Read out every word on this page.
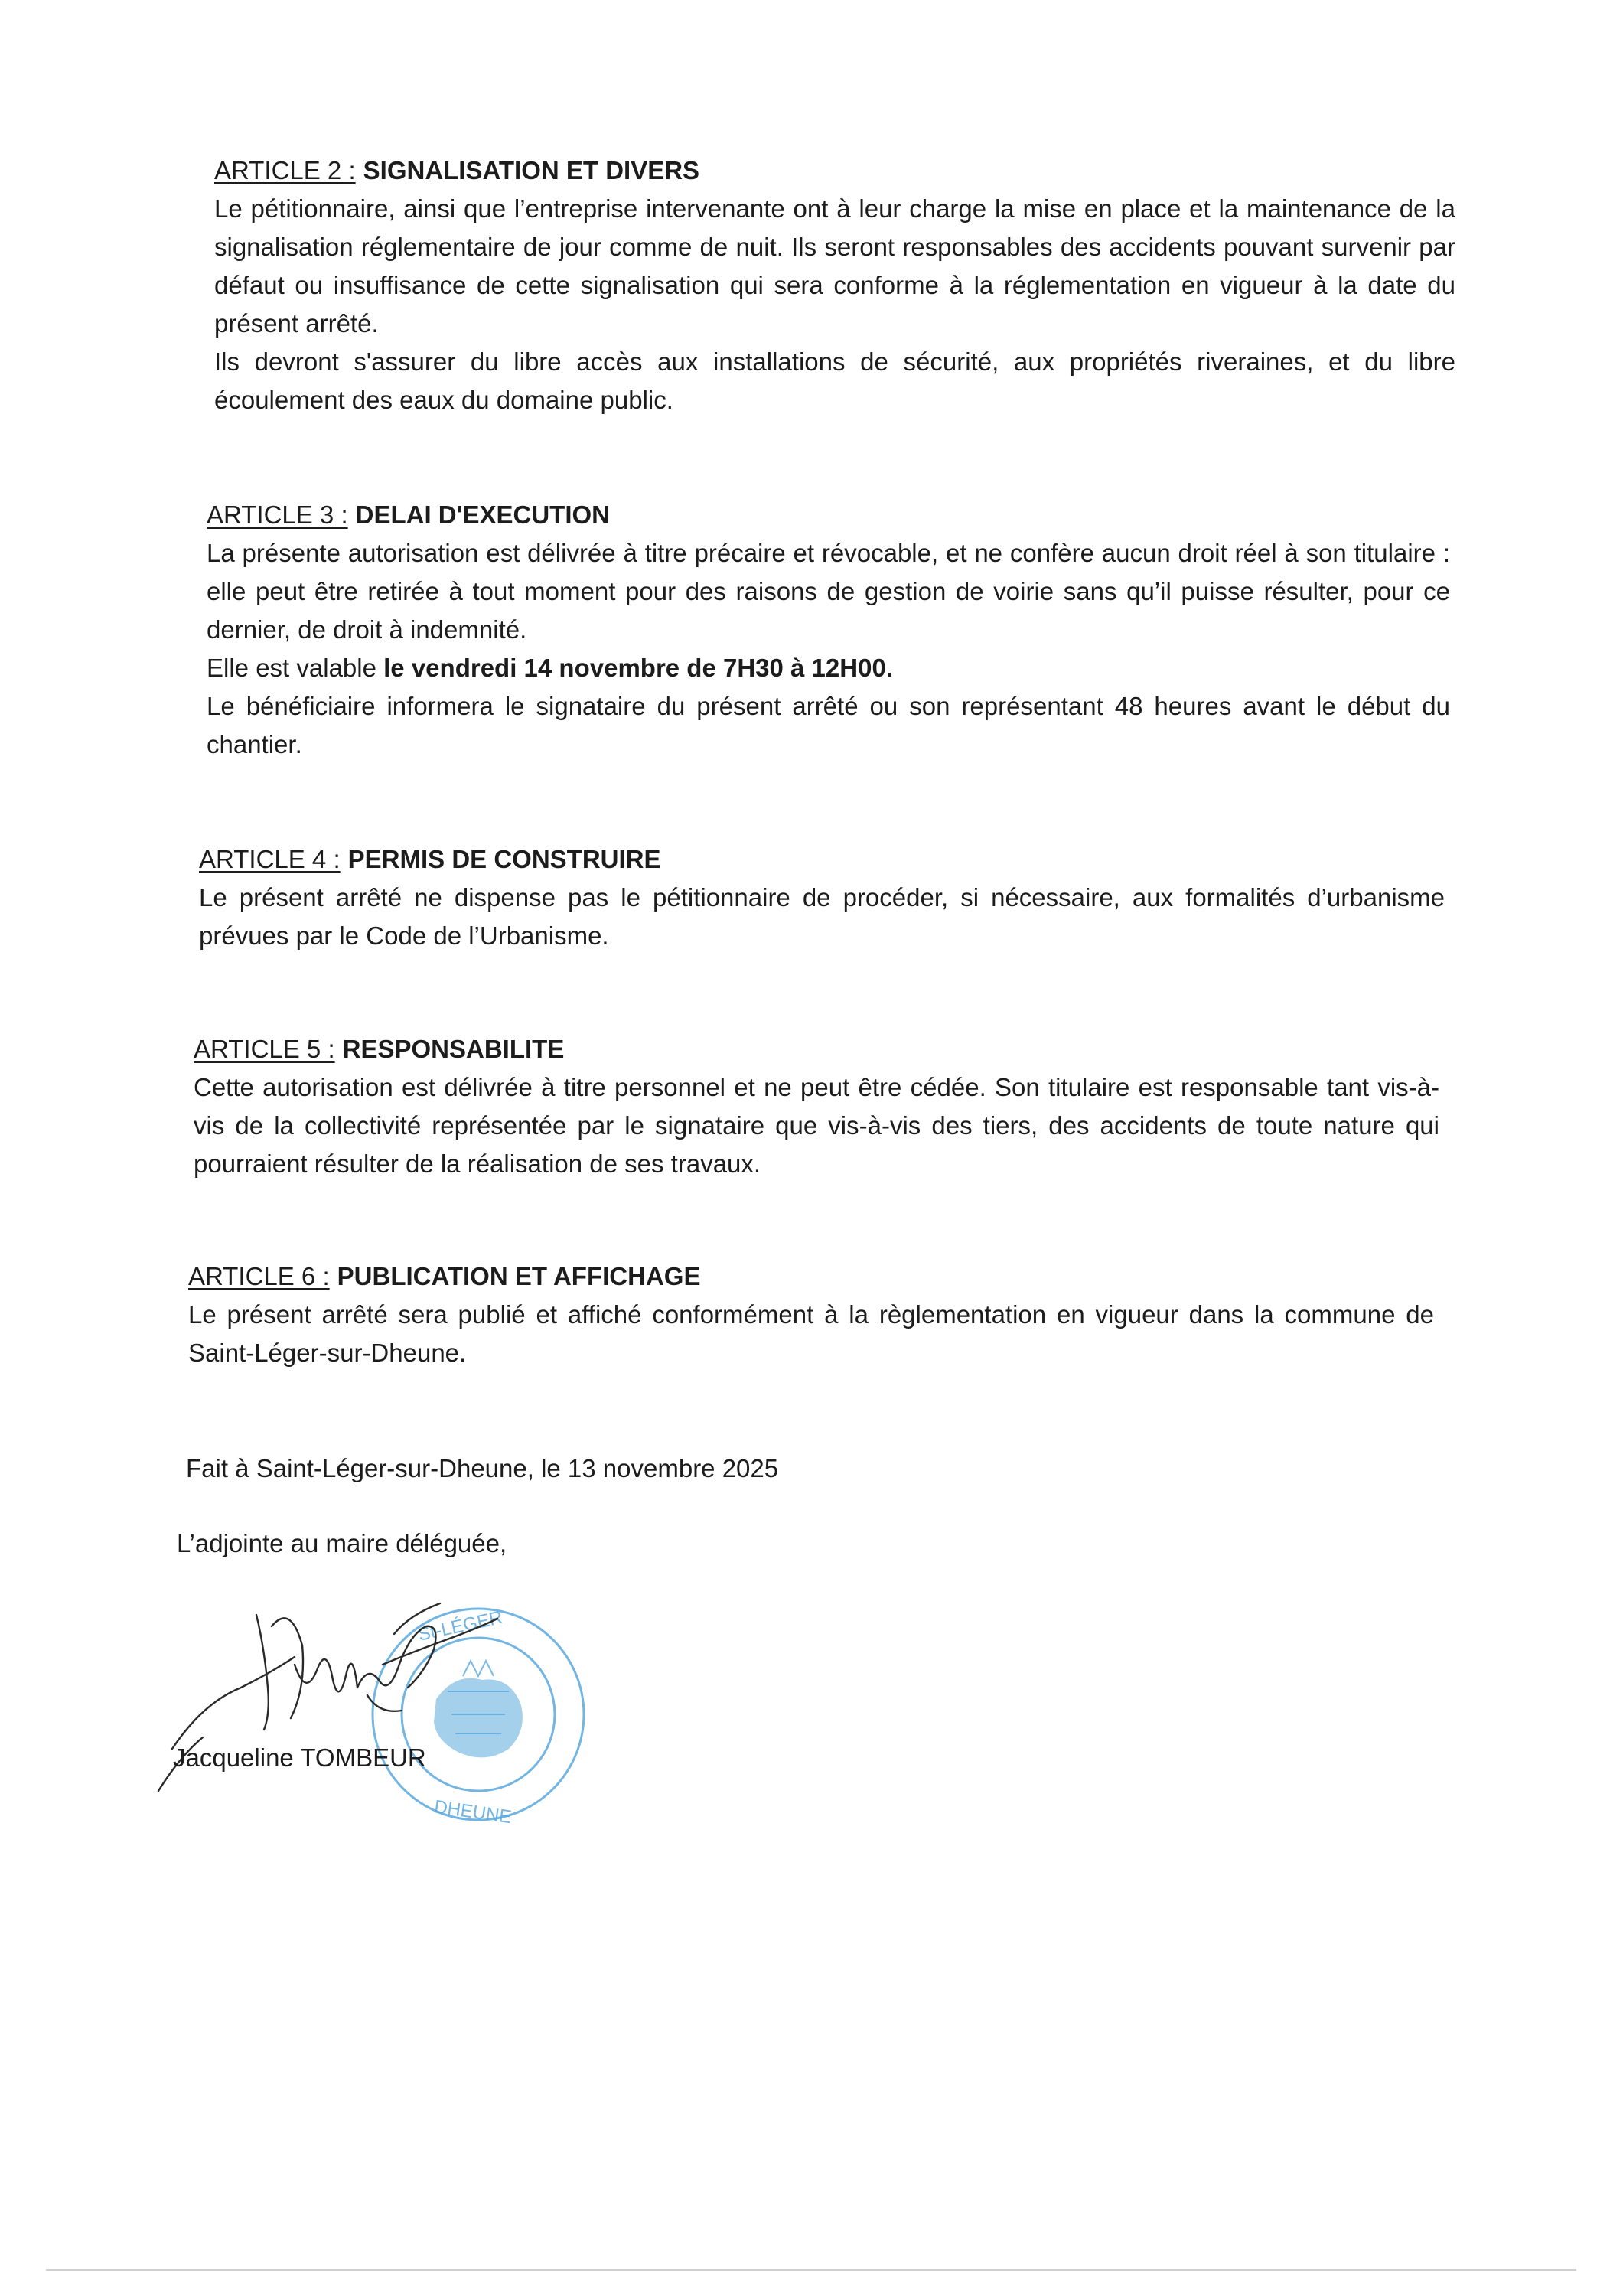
ARTICLE 2 : SIGNALISATION ET DIVERS

Le pétitionnaire, ainsi que l’entreprise intervenante ont à leur charge la mise en place et la maintenance de la signalisation réglementaire de jour comme de nuit. Ils seront responsables des accidents pouvant survenir par défaut ou insuffisance de cette signalisation qui sera conforme à la réglementation en vigueur à la date du présent arrêté.

Ils devront s'assurer du libre accès aux installations de sécurité, aux propriétés riveraines, et du libre écoulement des eaux du domaine public.

ARTICLE 3 : DELAI D'EXECUTION

La présente autorisation est délivrée à titre précaire et révocable, et ne confère aucun droit réel à son titulaire : elle peut être retirée à tout moment pour des raisons de gestion de voirie sans qu’il puisse résulter, pour ce dernier, de droit à indemnité.

Elle est valable le vendredi 14 novembre de 7H30 à 12H00.

Le bénéficiaire informera le signataire du présent arrêté ou son représentant 48 heures avant le début du chantier.

ARTICLE 4 : PERMIS DE CONSTRUIRE

Le présent arrêté ne dispense pas le pétitionnaire de procéder, si nécessaire, aux formalités d’urbanisme prévues par le Code de l’Urbanisme.

ARTICLE 5 : RESPONSABILITE

Cette autorisation est délivrée à titre personnel et ne peut être cédée. Son titulaire est responsable tant vis-à-vis de la collectivité représentée par le signataire que vis-à-vis des tiers, des accidents de toute nature qui pourraient résulter de la réalisation de ses travaux.

ARTICLE 6 : PUBLICATION ET AFFICHAGE

Le présent arrêté sera publié et affiché conformément à la règlementation en vigueur dans la commune de Saint-Léger-sur-Dheune.

Fait à Saint-Léger-sur-Dheune, le 13 novembre 2025
L’adjointe au maire déléguée,
St-LÉGER
DHEUNE
Jacqueline TOMBEUR
